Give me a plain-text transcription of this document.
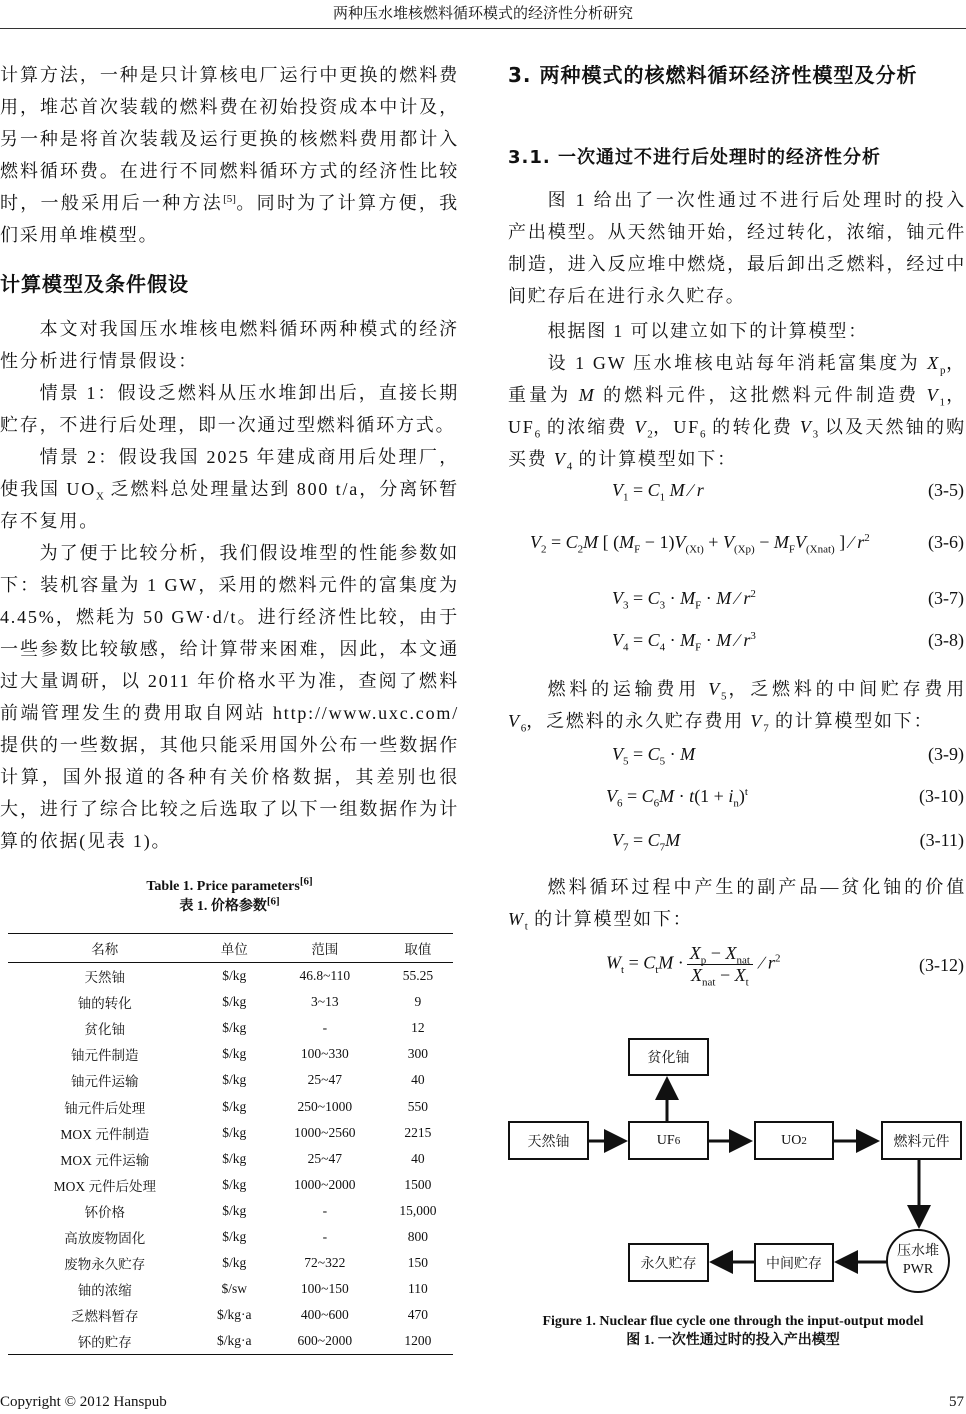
两种压水堆核燃料循环模式的经济性分析研究

计算方法，一种是只计算核电厂运行中更换的燃料费用，堆芯首次装载的燃料费在初始投资成本中计及，另一种是将首次装载及运行更换的核燃料费用都计入燃料循环费。在进行不同燃料循环方式的经济性比较时，一般采用后一种方法[5]。同时为了计算方便，我们采用单堆模型。

计算模型及条件假设

本文对我国压水堆核电燃料循环两种模式的经济性分析进行情景假设：

情景 1：假设乏燃料从压水堆卸出后，直接长期贮存，不进行后处理，即一次通过型燃料循环方式。

情景 2：假设我国 2025 年建成商用后处理厂，使我国 $UO_X$ 乏燃料总处理量达到 800 t/a，分离钚暂存不复用。

为了便于比较分析，我们假设堆型的性能参数如下：装机容量为 1 GW，采用的燃料元件的富集度为 4.45%，燃耗为 50 GW·d/t。进行经济性比较，由于一些参数比较敏感，给计算带来困难，因此，本文通过大量调研，以 2011 年价格水平为准，查阅了燃料前端管理发生的费用取自网站 http://www.uxc.com/提供的一些数据，其他只能采用国外公布一些数据作计算，国外报道的各种有关价格数据，其差别也很大，进行了综合比较之后选取了以下一组数据作为计算的依据(见表 1)。

Table 1. Price parameters[6]
表 1. 价格参数[6]
名称	单位	范围	取值
天然铀	$/kg	46.8~110	55.25
铀的转化	$/kg	3~13	9
贫化铀	$/kg	-	12
铀元件制造	$/kg	100~330	300
铀元件运输	$/kg	25~47	40
铀元件后处理	$/kg	250~1000	550
MOX 元件制造	$/kg	1000~2560	2215
MOX 元件运输	$/kg	25~47	40
MOX 元件后处理	$/kg	1000~2000	1500
钚价格	$/kg	-	15,000
高放废物固化	$/kg	-	800
废物永久贮存	$/kg	72~322	150
铀的浓缩	$/sw	100~150	110
乏燃料暂存	$/kg·a	400~600	470
钚的贮存	$/kg·a	600~2000	1200
3. 两种模式的核燃料循环经济性模型及分析
3.1. 一次通过不进行后处理时的经济性分析

图 1 给出了一次性通过不进行后处理时的投入产出模型。从天然铀开始，经过转化，浓缩，铀元件制造，进入反应堆中燃烧，最后卸出乏燃料，经过中间贮存后在进行永久贮存。

根据图 1 可以建立如下的计算模型：

设 1 GW 压水堆核电站每年消耗富集度为 $X_p$，重量为 M 的燃料元件，这批燃料元件制造费 $V_1$，$UF_6$ 的浓缩费 $V_2$，$UF_6$ 的转化费 $V_3$ 以及天然铀的购买费 $V_4$ 的计算模型如下：

燃料的运输费用 $V_5$，乏燃料的中间贮存费用 $V_6$，乏燃料的永久贮存费用 $V_7$ 的计算模型如下：

燃料循环过程中产生的副产品—贫化铀的价值 $W_t$ 的计算模型如下：

$V_1 = C_1$ M ∕ r	(3-5)
$V_2 = C_2M$ [ $(M_F - 1)V_{(Xt)} + V_{(Xp)} - M_FV_{(Xnat)}$ ] ∕ $r^2$	(3-6)
$V_3 = C_3 \cdot M_F \cdot M$ ∕ $r^2$	(3-7)
$V_4 = C_4 \cdot M_F \cdot M$ ∕ $r^3$	(3-8)
$V_5 = C_5 \cdot M$	(3-9)
$V_6 = C_6M \cdot t(1 + i_n)^t$	(3-10)
$V_7 = C_7M$	(3-11)
$W_t = C_tM \cdot \frac{X_p - X_{nat}}{X_{nat} - X_t}$ ∕ $r^2$	(3-12)
贫化铀
天然铀	UF 6	UO 2	燃料元件
压水堆
PWR
中间贮存
永久贮存
Figure 1. Nuclear flue cycle one through the input-output model
图 1. 一次性通过时的投入产出模型
Copyright © 2012 Hanspub	57
